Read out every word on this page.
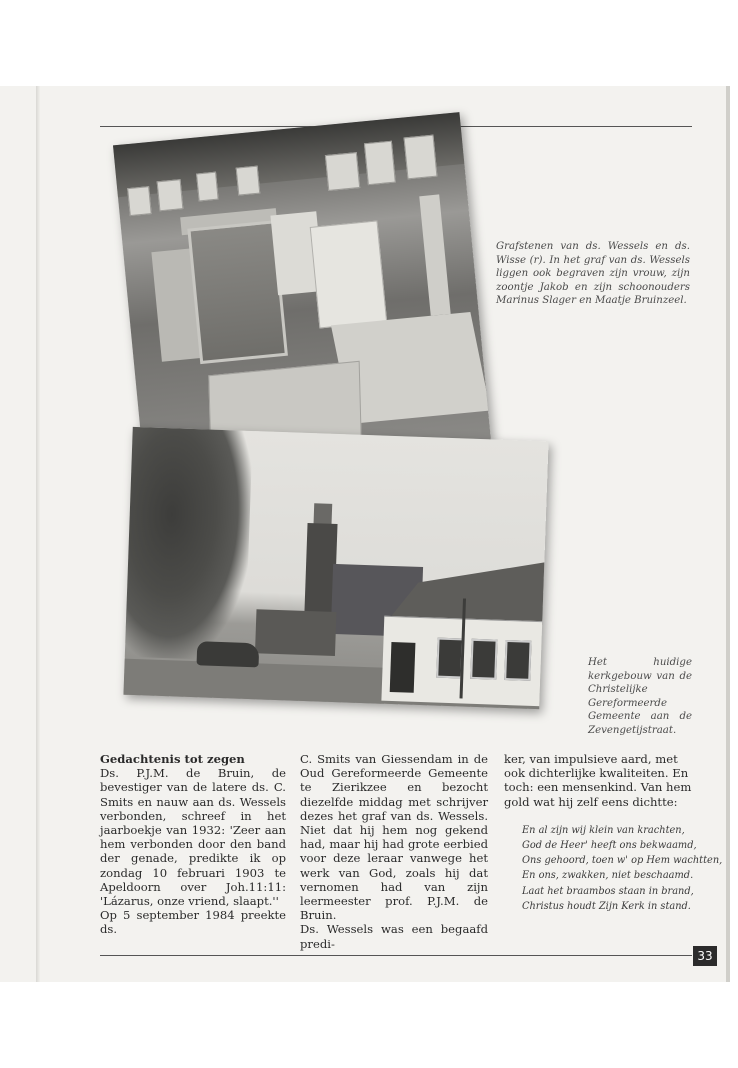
Grafstenen van ds. Wessels en ds. Wisse (r). In het graf van ds. Wessels liggen ook begraven zijn vrouw, zijn zoontje Jakob en zijn schoonouders Marinus Slager en Maatje Bruinzeel.
Het huidige kerkgebouw van de Christelijke Gereformeerde Gemeente aan de Zevengetijstraat.

Gedachtenis tot zegen
Ds. P.J.M. de Bruin, de bevestiger van de latere ds. C. Smits en nauw aan ds. Wessels verbonden, schreef in het jaarboekje van 1932: 'Zeer aan hem verbonden door den band der genade, predikte ik op zondag 10 februari 1903 te Apeldoorn over Joh.11:11: 'Lázarus, onze vriend, slaapt.''

Op 5 september 1984 preekte ds.

C. Smits van Giessendam in de Oud Gereformeerde Gemeente te Zierikzee en bezocht diezelfde middag met schrijver dezes het graf van ds. Wessels. Niet dat hij hem nog gekend had, maar hij had grote eerbied voor deze leraar vanwege het werk van God, zoals hij dat vernomen had van zijn leermeester prof. P.J.M. de Bruin.

Ds. Wessels was een begaafd predi-

ker, van impulsieve aard, met ook dichterlijke kwaliteiten. En toch: een mensenkind. Van hem gold wat hij zelf eens dichtte:

En al zijn wij klein van krachten,
God de Heer' heeft ons bekwaamd,
Ons gehoord, toen w' op Hem wachtten,
En ons, zwakken, niet beschaamd.
Laat het braambos staan in brand,
Christus houdt Zijn Kerk in stand.
33
